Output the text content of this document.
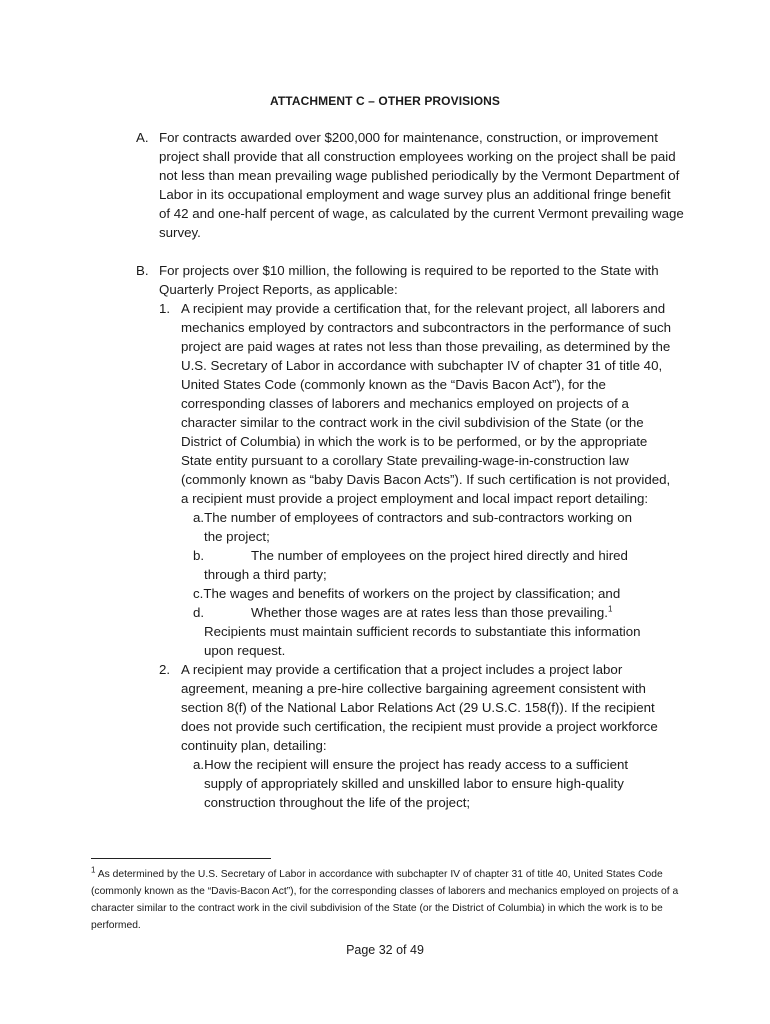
ATTACHMENT C – OTHER PROVISIONS
A. For contracts awarded over $200,000 for maintenance, construction, or improvement project shall provide that all construction employees working on the project shall be paid not less than mean prevailing wage published periodically by the Vermont Department of Labor in its occupational employment and wage survey plus an additional fringe benefit of 42 and one-half percent of wage, as calculated by the current Vermont prevailing wage survey.
B. For projects over $10 million, the following is required to be reported to the State with Quarterly Project Reports, as applicable:
1. A recipient may provide a certification that, for the relevant project, all laborers and mechanics employed by contractors and subcontractors in the performance of such project are paid wages at rates not less than those prevailing, as determined by the U.S. Secretary of Labor in accordance with subchapter IV of chapter 31 of title 40, United States Code (commonly known as the “Davis Bacon Act”), for the corresponding classes of laborers and mechanics employed on projects of a character similar to the contract work in the civil subdivision of the State (or the District of Columbia) in which the work is to be performed, or by the appropriate State entity pursuant to a corollary State prevailing-wage-in-construction law (commonly known as “baby Davis Bacon Acts”). If such certification is not provided, a recipient must provide a project employment and local impact report detailing:
a.The number of employees of contractors and sub-contractors working on
the project;
b.	The number of employees on the project hired directly and hired
through a third party;
c.The wages and benefits of workers on the project by classification; and
d.	Whether those wages are at rates less than those prevailing.$^1$
Recipients must maintain sufficient records to substantiate this information upon request.
2. A recipient may provide a certification that a project includes a project labor agreement, meaning a pre-hire collective bargaining agreement consistent with section 8(f) of the National Labor Relations Act (29 U.S.C. 158(f)). If the recipient does not provide such certification, the recipient must provide a project workforce continuity plan, detailing:
a.How the recipient will ensure the project has ready access to a sufficient
supply of appropriately skilled and unskilled labor to ensure high-quality construction throughout the life of the project;
$^1$ As determined by the U.S. Secretary of Labor in accordance with subchapter IV of chapter 31 of title 40, United States Code (commonly known as the “Davis-Bacon Act”), for the corresponding classes of laborers and mechanics employed on projects of a character similar to the contract work in the civil subdivision of the State (or the District of Columbia) in which the work is to be performed.
Page 32 of 49
